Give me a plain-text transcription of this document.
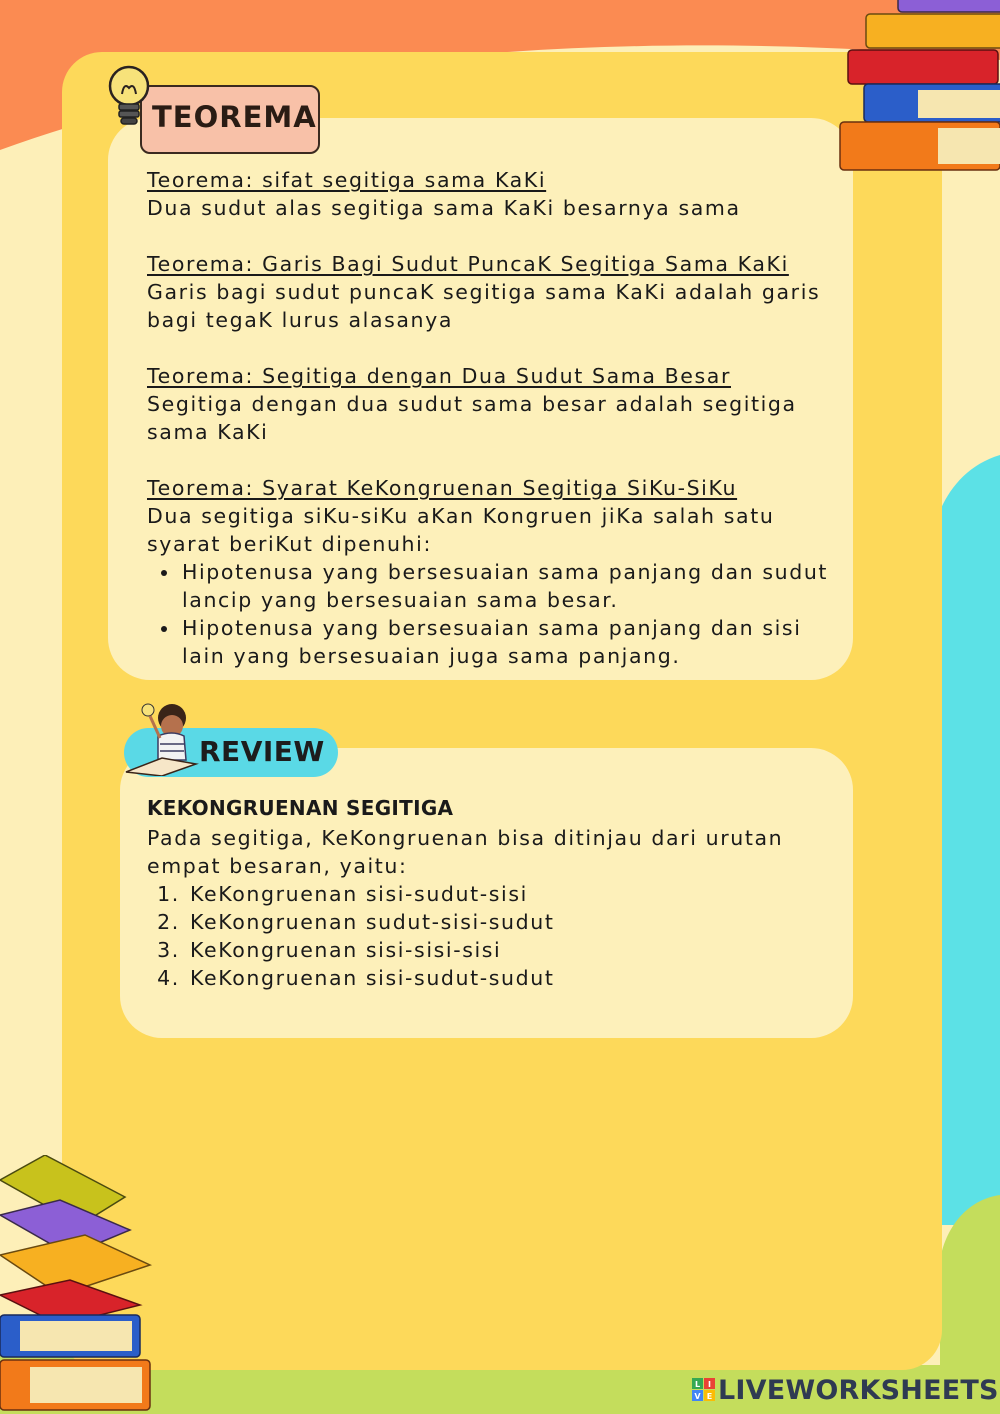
TEOREMA
Teorema: sifat segitiga sama KaKi
Dua sudut alas segitiga sama KaKi besarnya sama
Teorema: Garis Bagi Sudut PuncaK Segitiga Sama KaKi
Garis bagi sudut puncaK segitiga sama KaKi adalah garis bagi tegaK lurus alasanya
Teorema: Segitiga dengan Dua Sudut Sama Besar
Segitiga dengan dua sudut sama besar adalah segitiga sama KaKi
Teorema: Syarat KeKongruenan Segitiga SiKu-SiKu
Dua segitiga siKu-siKu aKan Kongruen jiKa salah satu syarat beriKut dipenuhi:
• Hipotenusa yang bersesuaian sama panjang dan sudut lancip yang bersesuaian sama besar.
• Hipotenusa yang bersesuaian sama panjang dan sisi lain yang bersesuaian juga sama panjang.
REVIEW
KEKONGRUENAN SEGITIGA
Pada segitiga, KeKongruenan bisa ditinjau dari urutan empat besaran, yaitu:
1. KeKongruenan sisi-sudut-sisi
2. KeKongruenan sudut-sisi-sudut
3. KeKongruenan sisi-sisi-sisi
4. KeKongruenan sisi-sudut-sudut
L I
V E LIVEWORKSHEETS
